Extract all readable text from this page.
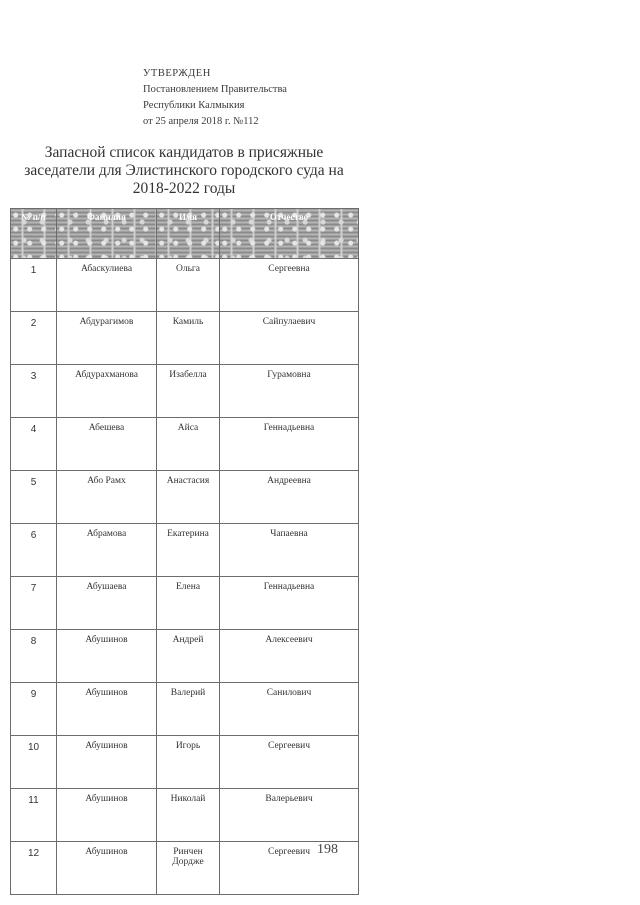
УТВЕРЖДЕН
Постановлением Правительства
Республики Калмыкия
от 25 апреля 2018 г. №112
Запасной список кандидатов в присяжные
заседатели для Элистинского городского суда на
2018-2022 годы
№ п/п	Фамилия	Имя	Отчество
1	Абаскулиева	Ольга	Сергеевна
2	Абдурагимов	Камиль	Сайпулаевич
3	Абдурахманова	Изабелла	Гурамовна
4	Абешева	Айса	Геннадьевна
5	Або Рамх	Анастасия	Андреевна
6	Абрамова	Екатерина	Чапаевна
7	Абушаева	Елена	Геннадьевна
8	Абушинов	Андрей	Алексеевич
9	Абушинов	Валерий	Санилович
10	Абушинов	Игорь	Сергеевич
11	Абушинов	Николай	Валерьевич
12	Абушинов	Ринчен Дорджe	Сергеевич 198
